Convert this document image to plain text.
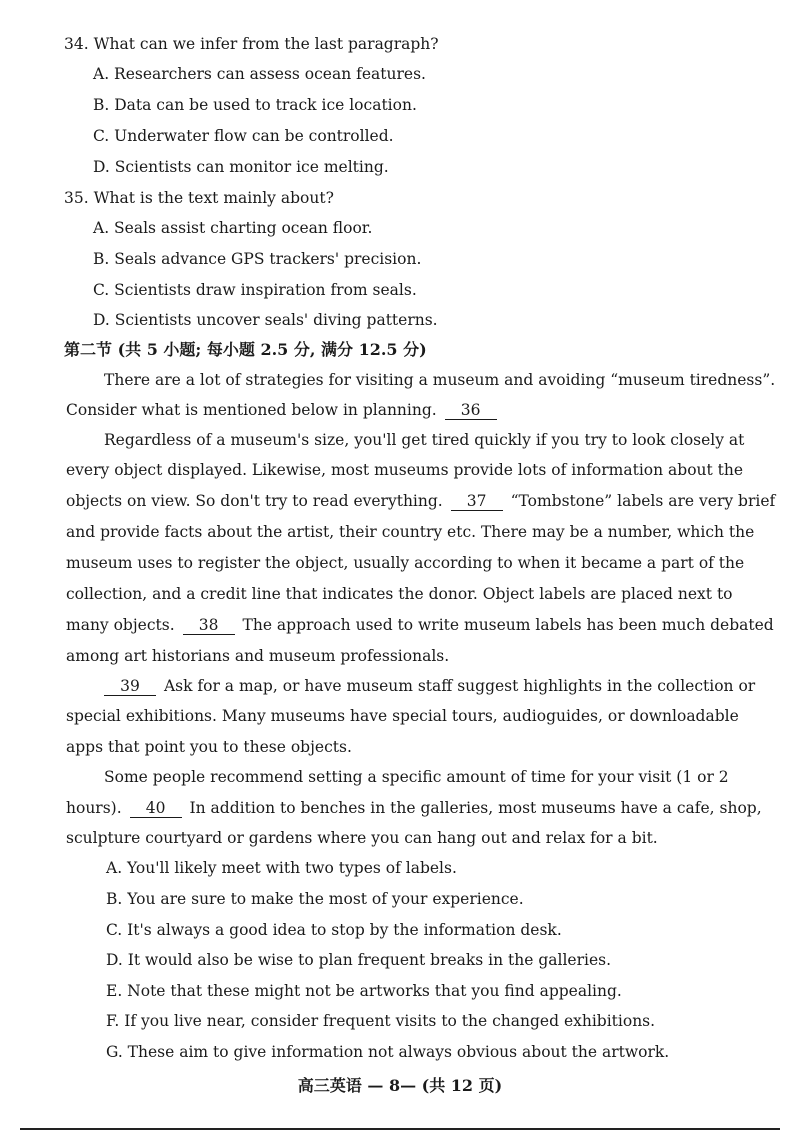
34. What can we infer from the last paragraph?
A. Researchers can assess ocean features.
B. Data can be used to track ice location.
C. Underwater flow can be controlled.
D. Scientists can monitor ice melting.
35. What is the text mainly about?
A. Seals assist charting ocean floor.
B. Seals advance GPS trackers' precision.
C. Scientists draw inspiration from seals.
D. Scientists uncover seals' diving patterns.
第二节 (共 5 小题; 每小题 2.5 分, 满分 12.5 分)
There are a lot of strategies for visiting a museum and avoiding “museum tiredness”.
Consider what is mentioned below in planning. 36
Regardless of a museum's size, you'll get tired quickly if you try to look closely at
every object displayed. Likewise, most museums provide lots of information about the
objects on view. So don't try to read everything. 37 “Tombstone” labels are very brief
and provide facts about the artist, their country etc. There may be a number, which the
museum uses to register the object, usually according to when it became a part of the
collection, and a credit line that indicates the donor. Object labels are placed next to
many objects. 38 The approach used to write museum labels has been much debated
among art historians and museum professionals.
39 Ask for a map, or have museum staff suggest highlights in the collection or
special exhibitions. Many museums have special tours, audioguides, or downloadable
apps that point you to these objects.
Some people recommend setting a specific amount of time for your visit (1 or 2
hours). 40 In addition to benches in the galleries, most museums have a cafe, shop,
sculpture courtyard or gardens where you can hang out and relax for a bit.
A. You'll likely meet with two types of labels.
B. You are sure to make the most of your experience.
C. It's always a good idea to stop by the information desk.
D. It would also be wise to plan frequent breaks in the galleries.
E. Note that these might not be artworks that you find appealing.
F. If you live near, consider frequent visits to the changed exhibitions.
G. These aim to give information not always obvious about the artwork.
高三英语 — 8— (共 12 页)
